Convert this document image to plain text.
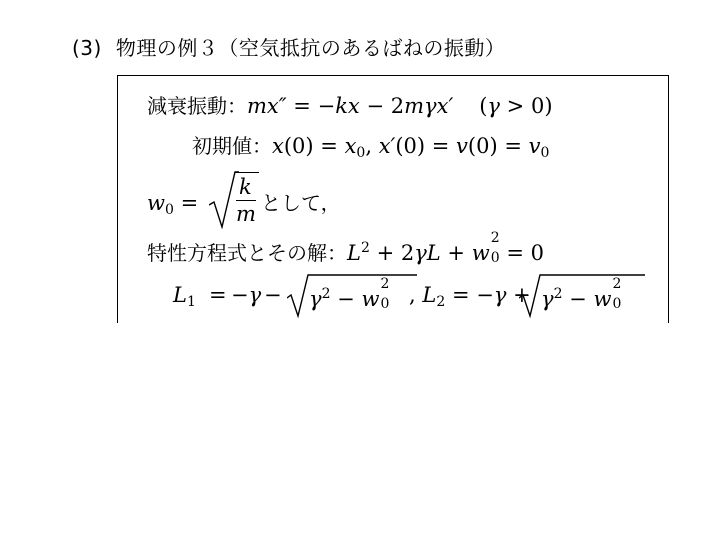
(3) 物理の例３（空気抵抗のあるばねの振動）
減衰振動：mx″ = −kx − 2mγx′ (γ > 0)
初期値：$x(0) = x_0$, $x'(0) = v(0) = v_0$
$w_0$ =
k
m として，
特性方程式とその解：$L^2 + 2\gamma L + w$
2
0 = 0
$L_1 = -\gamma - \gamma^2 - w$
2
0 , $L_2 = -\gamma + \gamma^2 - w$
2
0
